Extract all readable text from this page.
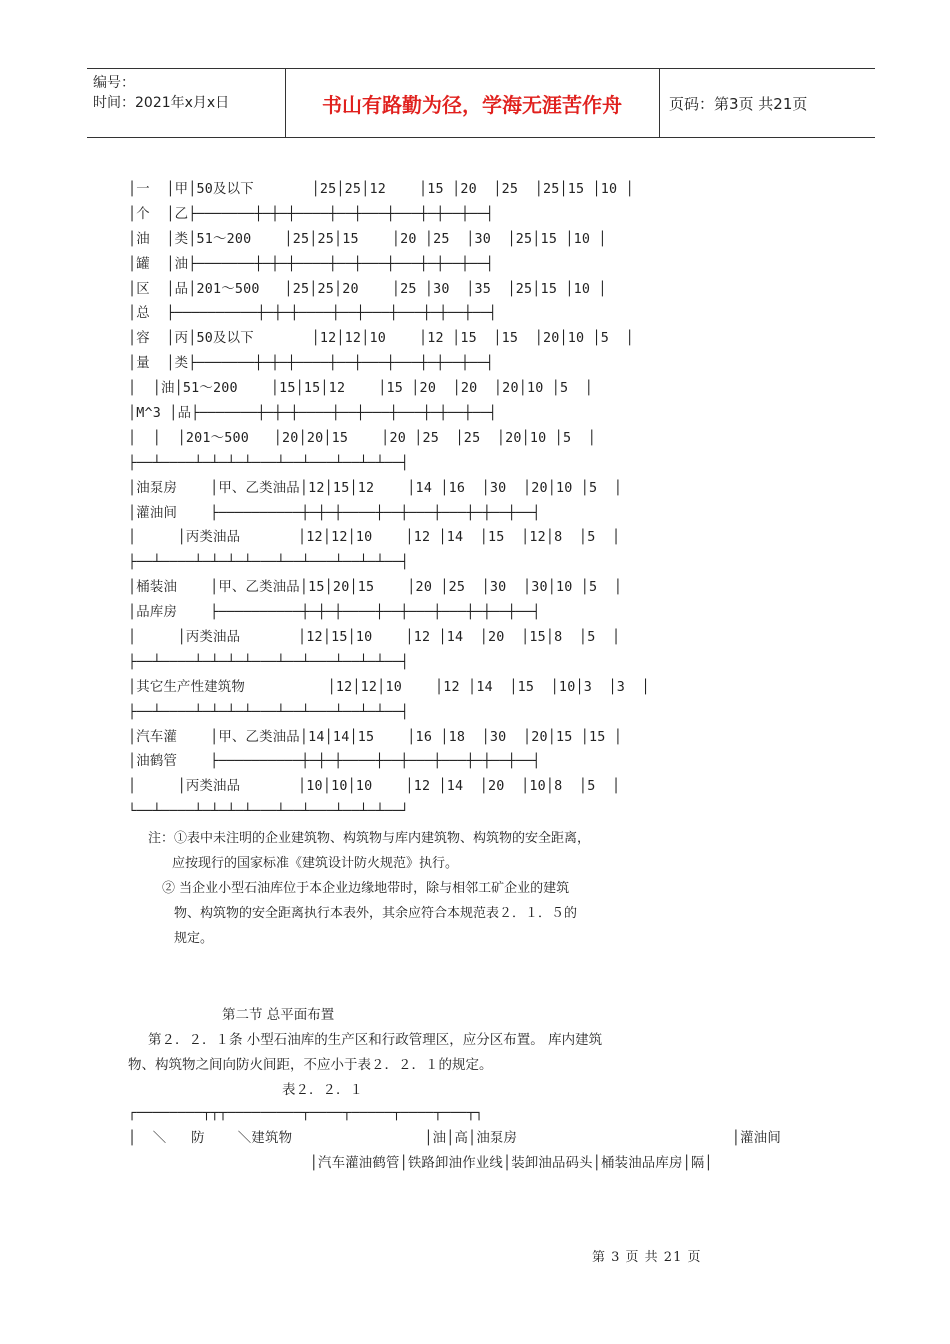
编号：
时间：2021年x月x日	书山有路勤为径，学海无涯苦作舟	页码：第3页 共21页
│一  │甲│50及以下       │25│25│12    │15 │20  │25  │25│15 │10 │
│个  │乙├───────┼─┼─┼────┼──┼───┼───┼─┼──┼──┤
│油  │类│51～200    │25│25│15    │20 │25  │30  │25│15 │10 │
│罐  │油├───────┼─┼─┼────┼──┼───┼───┼─┼──┼──┤
│区  │品│201～500   │25│25│20    │25 │30  │35  │25│15 │10 │
│总  ├──────────┼─┼─┼────┼──┼───┼───┼─┼──┼──┤
│容  │丙│50及以下       │12│12│10    │12 │15  │15  │20│10 │5  │
│量  │类├───────┼─┼─┼────┼──┼───┼───┼─┼──┼──┤
│  │油│51～200    │15│15│12    │15 │20  │20  │20│10 │5  │
│M^3 │品├───────┼─┼─┼────┼──┼───┼───┼─┼──┼──┤
│  │  │201～500   │20│20│15    │20 │25  │25  │20│10 │5  │
├──┴────┴─┴─┴─┴───┴──┴───┴──┴─┴──┤
│油泵房    │甲、乙类油品│12│15│12    │14 │16  │30  │20│10 │5  │
│灌油间    ├──────────┼─┼─┼────┼──┼───┼───┼─┼──┼──┤
│     │丙类油品       │12│12│10    │12 │14  │15  │12│8  │5  │
├──┴────┴─┴─┴─┴───┴──┴───┴──┴─┴──┤
│桶装油    │甲、乙类油品│15│20│15    │20 │25  │30  │30│10 │5  │
│品库房    ├──────────┼─┼─┼────┼──┼───┼───┼─┼──┼──┤
│     │丙类油品       │12│15│10    │12 │14  │20  │15│8  │5  │
├──┴────┴─┴─┴─┴───┴──┴───┴──┴─┴──┤
│其它生产性建筑物          │12│12│10    │12 │14  │15  │10│3  │3  │
├──┴────┴─┴─┴─┴───┴──┴───┴──┴─┴──┤
│汽车灌    │甲、乙类油品│14│14│15    │16 │18  │30  │20│15 │15 │
│油鹤管    ├──────────┼─┼─┼────┼──┼───┼───┼─┼──┼──┤
│     │丙类油品       │10│10│10    │12 │14  │20  │10│8  │5  │
└──┴────┴─┴─┴─┴───┴──┴───┴──┴─┴──┘

注：①表中未注明的企业建筑物、构筑物与库内建筑物、构筑物的安全距离，

应按现行的国家标准《建筑设计防火规范》执行。

② 当企业小型石油库位于本企业边缘地带时，除与相邻工矿企业的建筑

物、构筑物的安全距离执行本表外，其余应符合本规范表２．１．５的

规定。

第二节 总平面布置
第２．２．１条 小型石油库的生产区和行政管理区，应分区布置。 库内建筑
物、构筑物之间向防火间距，不应小于表２．２．１的规定。
表２．２．１
┌────────┬┬┬─────────┬────┬─────┬────┬───┬┐
│  ＼   防    ＼建筑物                │油│高│油泵房                          │灌油间
│汽车灌油鹤管│铁路卸油作业线│装卸油品码头│桶装油品库房│隔│
第 3 页 共 21 页
